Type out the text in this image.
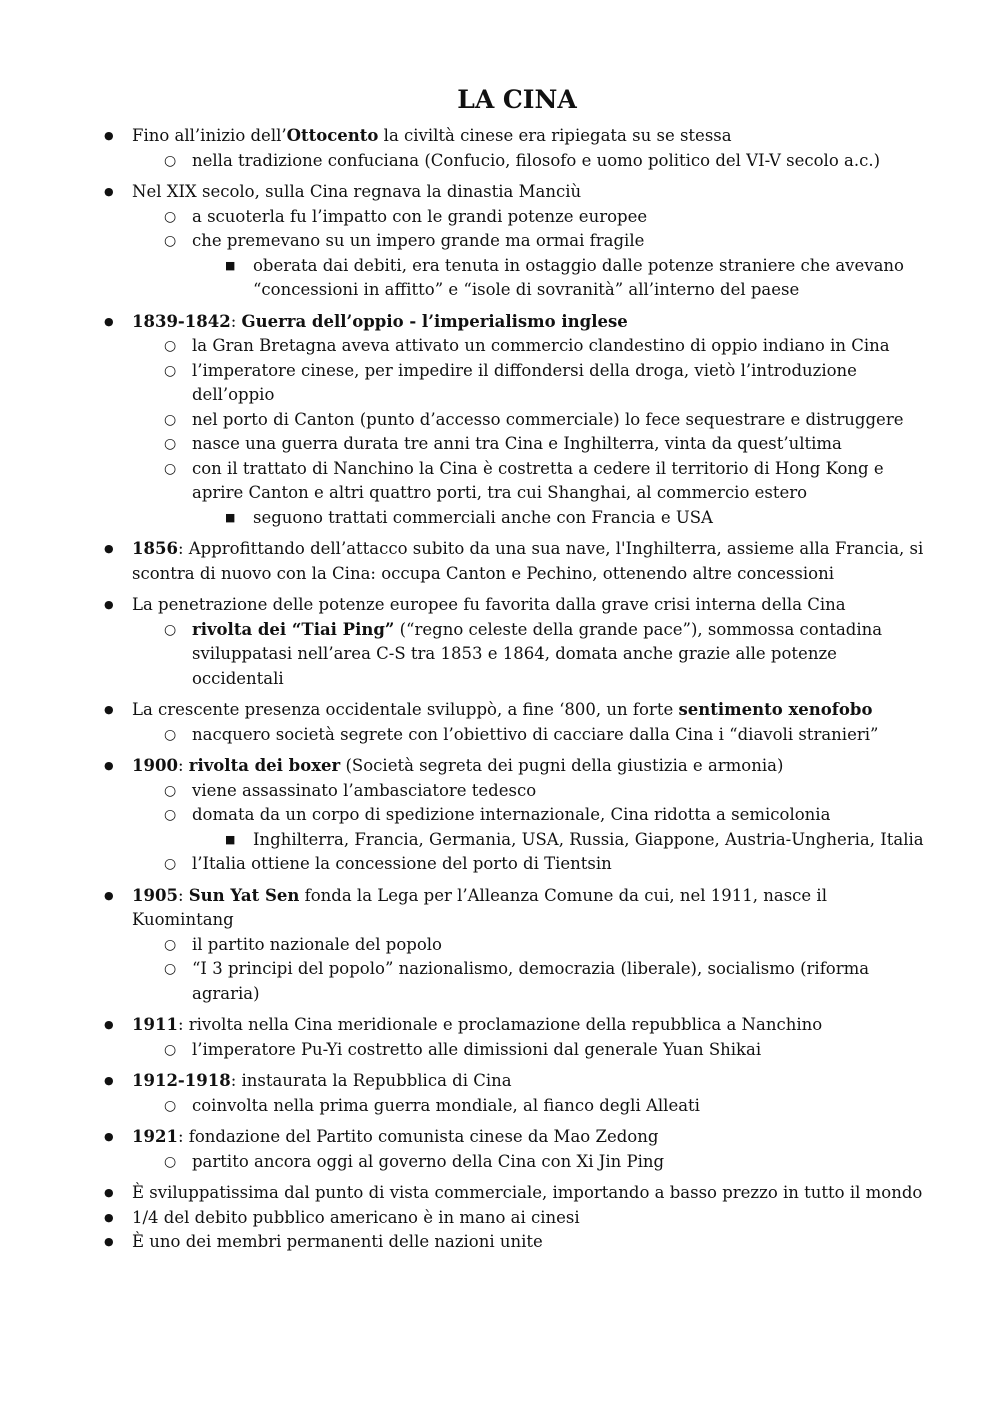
LA CINA
● Fino all’inizio dell’Ottocento la civiltà cinese era ripiegata su se stessa
○ nella tradizione confuciana (Confucio, filosofo e uomo politico del VI-V secolo a.c.)
● Nel XIX secolo, sulla Cina regnava la dinastia Manciù
○ a scuoterla fu l’impatto con le grandi potenze europee
○ che premevano su un impero grande ma ormai fragile
■ oberata dai debiti, era tenuta in ostaggio dalle potenze straniere che avevano “concessioni in affitto” e “isole di sovranità” all’interno del paese
● 1839-1842: Guerra dell’oppio - l’imperialismo inglese
○ la Gran Bretagna aveva attivato un commercio clandestino di oppio indiano in Cina
○ l’imperatore cinese, per impedire il diffondersi della droga, vietò l’introduzione dell’oppio
○ nel porto di Canton (punto d’accesso commerciale) lo fece sequestrare e distruggere
○ nasce una guerra durata tre anni tra Cina e Inghilterra, vinta da quest’ultima
○ con il trattato di Nanchino la Cina è costretta a cedere il territorio di Hong Kong e aprire Canton e altri quattro porti, tra cui Shanghai, al commercio estero
■ seguono trattati commerciali anche con Francia e USA
● 1856: Approfittando dell’attacco subito da una sua nave, l'Inghilterra, assieme alla Francia, si scontra di nuovo con la Cina: occupa Canton e Pechino, ottenendo altre concessioni
● La penetrazione delle potenze europee fu favorita dalla grave crisi interna della Cina
○ rivolta dei “Tiai Ping” (“regno celeste della grande pace”), sommossa contadina sviluppatasi nell’area C-S tra 1853 e 1864, domata anche grazie alle potenze occidentali
● La crescente presenza occidentale sviluppò, a fine ‘800, un forte sentimento xenofobo
○ nacquero società segrete con l’obiettivo di cacciare dalla Cina i “diavoli stranieri”
● 1900: rivolta dei boxer (Società segreta dei pugni della giustizia e armonia)
○ viene assassinato l’ambasciatore tedesco
○ domata da un corpo di spedizione internazionale, Cina ridotta a semicolonia
■ Inghilterra, Francia, Germania, USA, Russia, Giappone, Austria-Ungheria, Italia
○ l’Italia ottiene la concessione del porto di Tientsin
● 1905: Sun Yat Sen fonda la Lega per l’Alleanza Comune da cui, nel 1911, nasce il Kuomintang
○ il partito nazionale del popolo
○ “I 3 principi del popolo” nazionalismo, democrazia (liberale), socialismo (riforma agraria)
● 1911: rivolta nella Cina meridionale e proclamazione della repubblica a Nanchino
○ l’imperatore Pu-Yi costretto alle dimissioni dal generale Yuan Shikai
● 1912-1918: instaurata la Repubblica di Cina
○ coinvolta nella prima guerra mondiale, al fianco degli Alleati
● 1921: fondazione del Partito comunista cinese da Mao Zedong
○ partito ancora oggi al governo della Cina con Xi Jin Ping
● È sviluppatissima dal punto di vista commerciale, importando a basso prezzo in tutto il mondo
● 1/4 del debito pubblico americano è in mano ai cinesi
● È uno dei membri permanenti delle nazioni unite
